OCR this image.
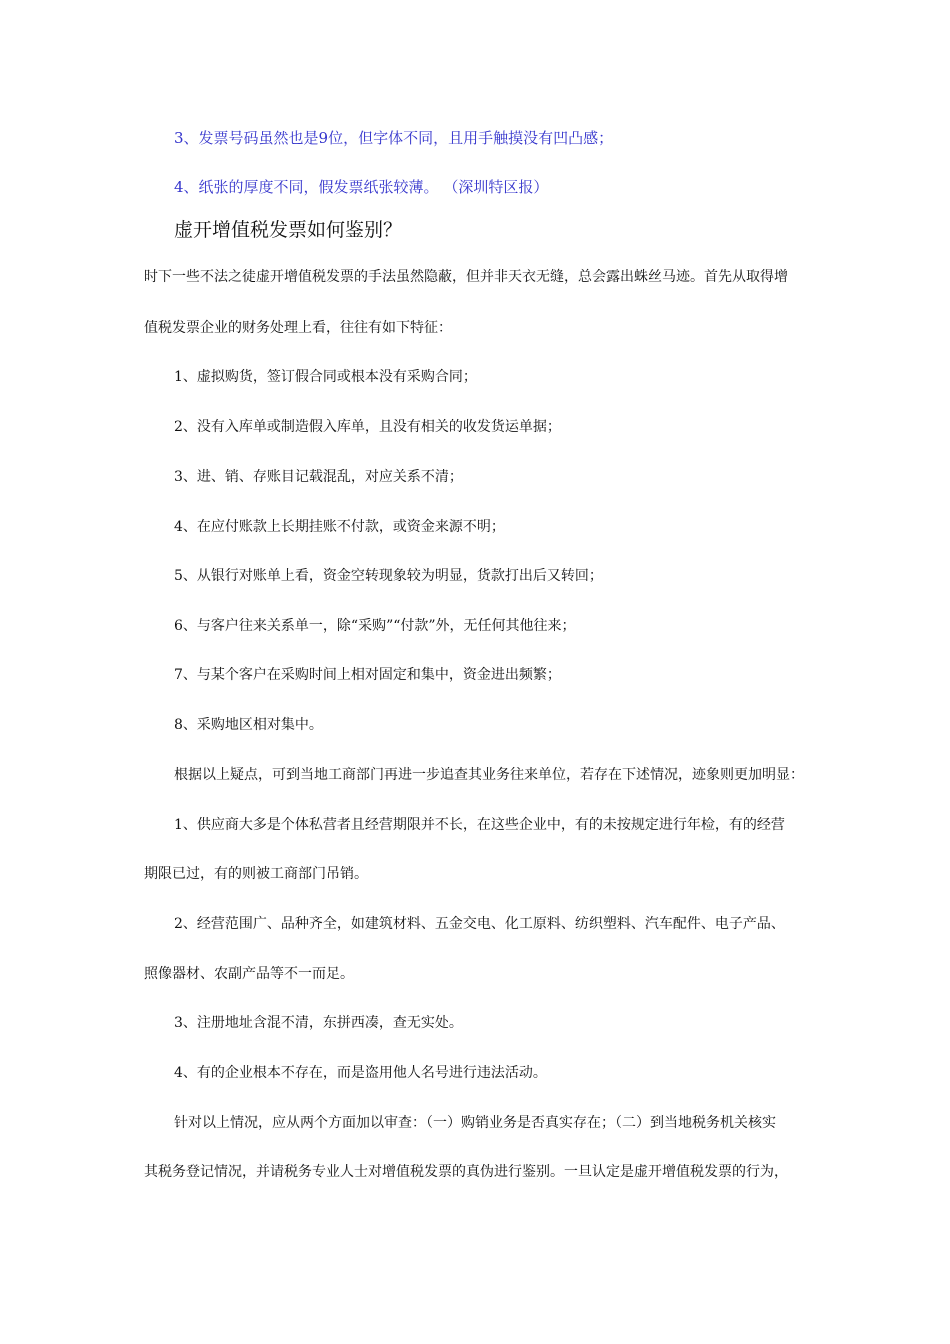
3、发票号码虽然也是9位，但字体不同，且用手触摸没有凹凸感；
4、纸张的厚度不同，假发票纸张较薄。 （深圳特区报）
虚开增值税发票如何鉴别？
时下一些不法之徒虚开增值税发票的手法虽然隐蔽，但并非天衣无缝，总会露出蛛丝马迹。首先从取得增
值税发票企业的财务处理上看，往往有如下特征：
1、虚拟购货，签订假合同或根本没有采购合同；
2、没有入库单或制造假入库单，且没有相关的收发货运单据；
3、进、销、存账目记载混乱，对应关系不清；
4、在应付账款上长期挂账不付款，或资金来源不明；
5、从银行对账单上看，资金空转现象较为明显，货款打出后又转回；
6、与客户往来关系单一，除“采购”“付款”外，无任何其他往来；
7、与某个客户在采购时间上相对固定和集中，资金进出频繁；
8、采购地区相对集中。
根据以上疑点，可到当地工商部门再进一步追查其业务往来单位，若存在下述情况，迹象则更加明显：
1、供应商大多是个体私营者且经营期限并不长，在这些企业中，有的未按规定进行年检，有的经营
期限已过，有的则被工商部门吊销。
2、经营范围广、品种齐全，如建筑材料、五金交电、化工原料、纺织塑料、汽车配件、电子产品、
照像器材、农副产品等不一而足。
3、注册地址含混不清，东拼西凑，查无实处。
4、有的企业根本不存在，而是盗用他人名号进行违法活动。
针对以上情况，应从两个方面加以审查：（一）购销业务是否真实存在；（二）到当地税务机关核实
其税务登记情况，并请税务专业人士对增值税发票的真伪进行鉴别。一旦认定是虚开增值税发票的行为，
